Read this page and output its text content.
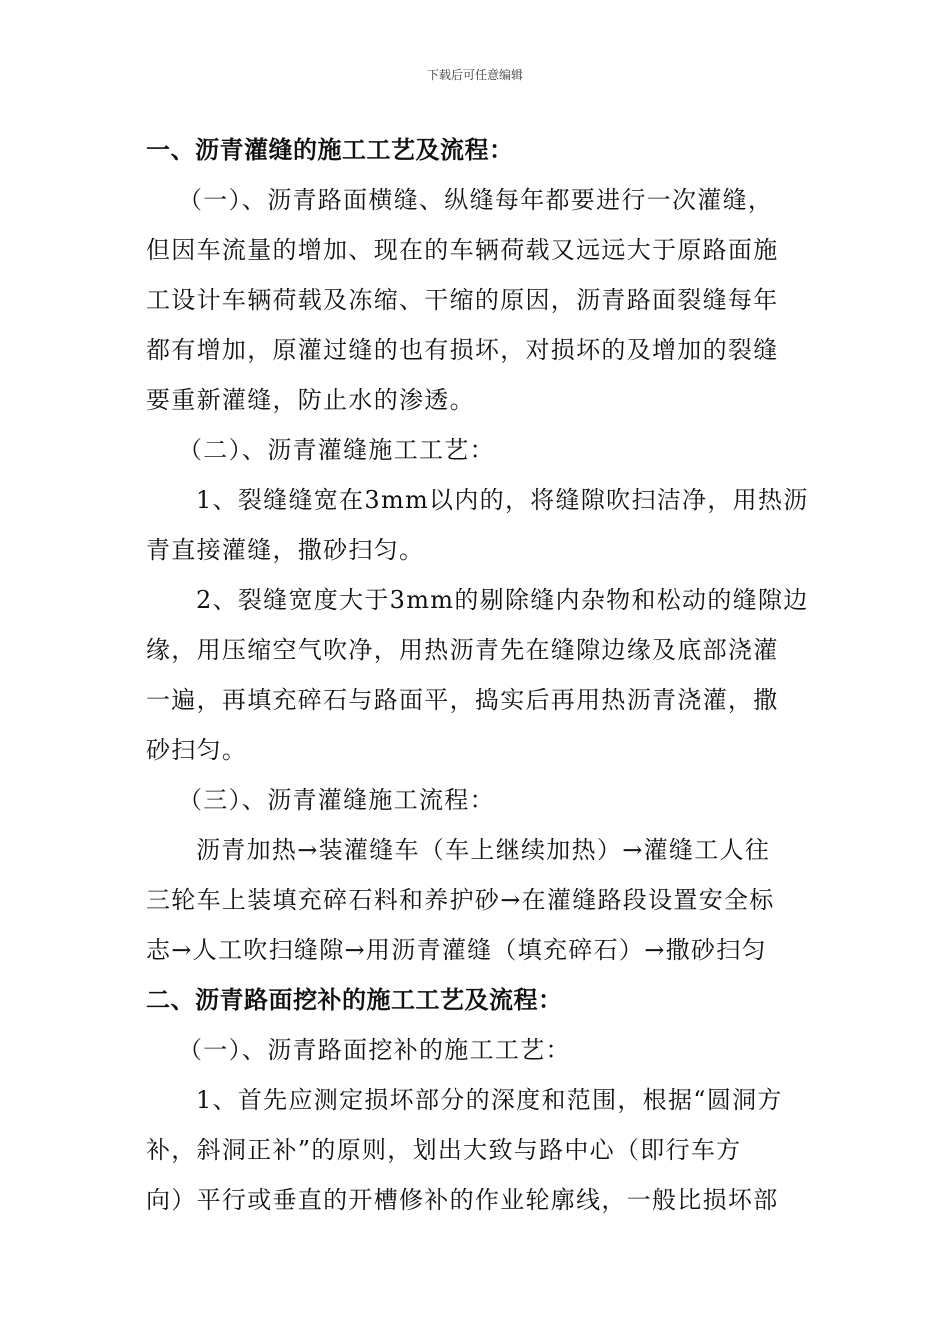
下载后可任意编辑
一、沥青灌缝的施工工艺及流程：
（一）、沥青路面横缝、纵缝每年都要进行一次灌缝，
但因车流量的增加、现在的车辆荷载又远远大于原路面施
工设计车辆荷载及冻缩、干缩的原因，沥青路面裂缝每年
都有增加，原灌过缝的也有损坏，对损坏的及增加的裂缝
要重新灌缝，防止水的渗透。
（二）、沥青灌缝施工工艺：
1、裂缝缝宽在3mm以内的，将缝隙吹扫洁净，用热沥
青直接灌缝，撒砂扫匀。
2、裂缝宽度大于3mm的剔除缝内杂物和松动的缝隙边
缘，用压缩空气吹净，用热沥青先在缝隙边缘及底部浇灌
一遍，再填充碎石与路面平，捣实后再用热沥青浇灌，撒
砂扫匀。
（三）、沥青灌缝施工流程：
沥青加热→装灌缝车（车上继续加热）→灌缝工人往
三轮车上装填充碎石料和养护砂→在灌缝路段设置安全标
志→人工吹扫缝隙→用沥青灌缝（填充碎石）→撒砂扫匀
二、沥青路面挖补的施工工艺及流程：
（一）、沥青路面挖补的施工工艺：
1、首先应测定损坏部分的深度和范围，根据“圆洞方
补，斜洞正补”的原则，划出大致与路中心（即行车方
向）平行或垂直的开槽修补的作业轮廓线，一般比损坏部
